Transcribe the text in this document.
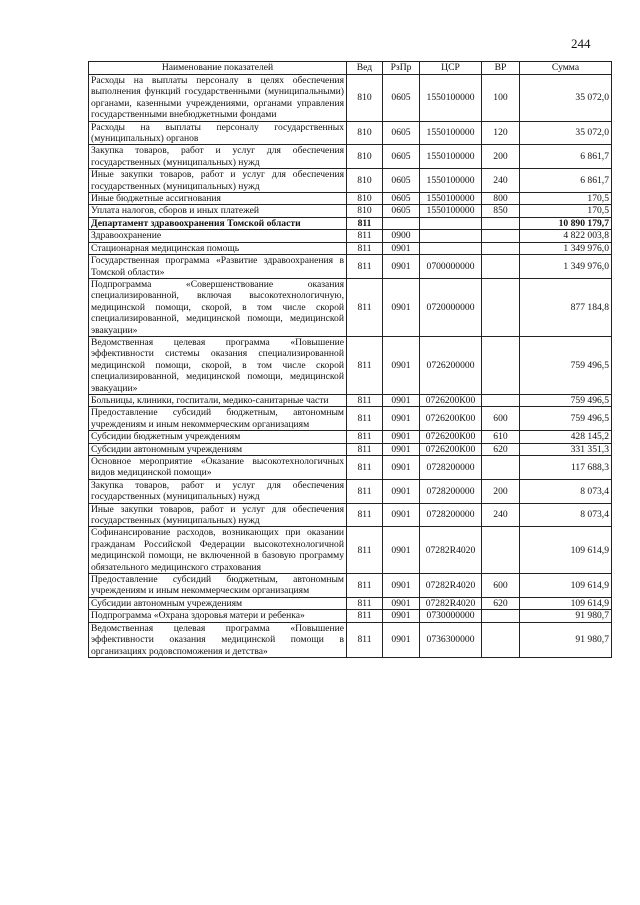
244
Наименование показателей	Вед	РзПр	ЦСР	ВР	Сумма
Расходы на выплаты персоналу в целях обеспечения выполнения функций государственными (муниципальными) органами, казенными учреждениями, органами управления государственными внебюджетными фондами	810	0605	1550100000	100	35 072,0
Расходы на выплаты персоналу государственных (муниципальных) органов	810	0605	1550100000	120	35 072,0
Закупка товаров, работ и услуг для обеспечения государственных (муниципальных) нужд	810	0605	1550100000	200	6 861,7
Иные закупки товаров, работ и услуг для обеспечения государственных (муниципальных) нужд	810	0605	1550100000	240	6 861,7
Иные бюджетные ассигнования	810	0605	1550100000	800	170,5
Уплата налогов, сборов и иных платежей	810	0605	1550100000	850	170,5
Департамент здравоохранения Томской области	811				10 890 179,7
Здравоохранение	811	0900			4 822 003,8
Стационарная медицинская помощь	811	0901			1 349 976,0
Государственная программа «Развитие здравоохранения в Томской области»	811	0901	0700000000		1 349 976,0
Подпрограмма «Совершенствование оказания специализированной, включая высокотехнологичную, медицинской помощи, скорой, в том числе скорой специализированной, медицинской помощи, медицинской эвакуации»	811	0901	0720000000		877 184,8
Ведомственная целевая программа «Повышение эффективности системы оказания специализированной медицинской помощи, скорой, в том числе скорой специализированной, медицинской помощи, медицинской эвакуации»	811	0901	0726200000		759 496,5
Больницы, клиники, госпитали, медико-санитарные части	811	0901	0726200К00		759 496,5
Предоставление субсидий бюджетным, автономным учреждениям и иным некоммерческим организациям	811	0901	0726200К00	600	759 496,5
Субсидии бюджетным учреждениям	811	0901	0726200К00	610	428 145,2
Субсидии автономным учреждениям	811	0901	0726200К00	620	331 351,3
Основное мероприятие «Оказание высокотехнологичных видов медицинской помощи»	811	0901	0728200000		117 688,3
Закупка товаров, работ и услуг для обеспечения государственных (муниципальных) нужд	811	0901	0728200000	200	8 073,4
Иные закупки товаров, работ и услуг для обеспечения государственных (муниципальных) нужд	811	0901	0728200000	240	8 073,4
Софинансирование расходов, возникающих при оказании гражданам Российской Федерации высокотехнологичной медицинской помощи, не включенной в базовую программу обязательного медицинского страхования	811	0901	07282R4020		109 614,9
Предоставление субсидий бюджетным, автономным учреждениям и иным некоммерческим организациям	811	0901	07282R4020	600	109 614,9
Субсидии автономным учреждениям	811	0901	07282R4020	620	109 614,9
Подпрограмма «Охрана здоровья матери и ребенка»	811	0901	0730000000		91 980,7
Ведомственная целевая программа «Повышение эффективности оказания медицинской помощи в организациях родовспоможения и детства»	811	0901	0736300000		91 980,7
